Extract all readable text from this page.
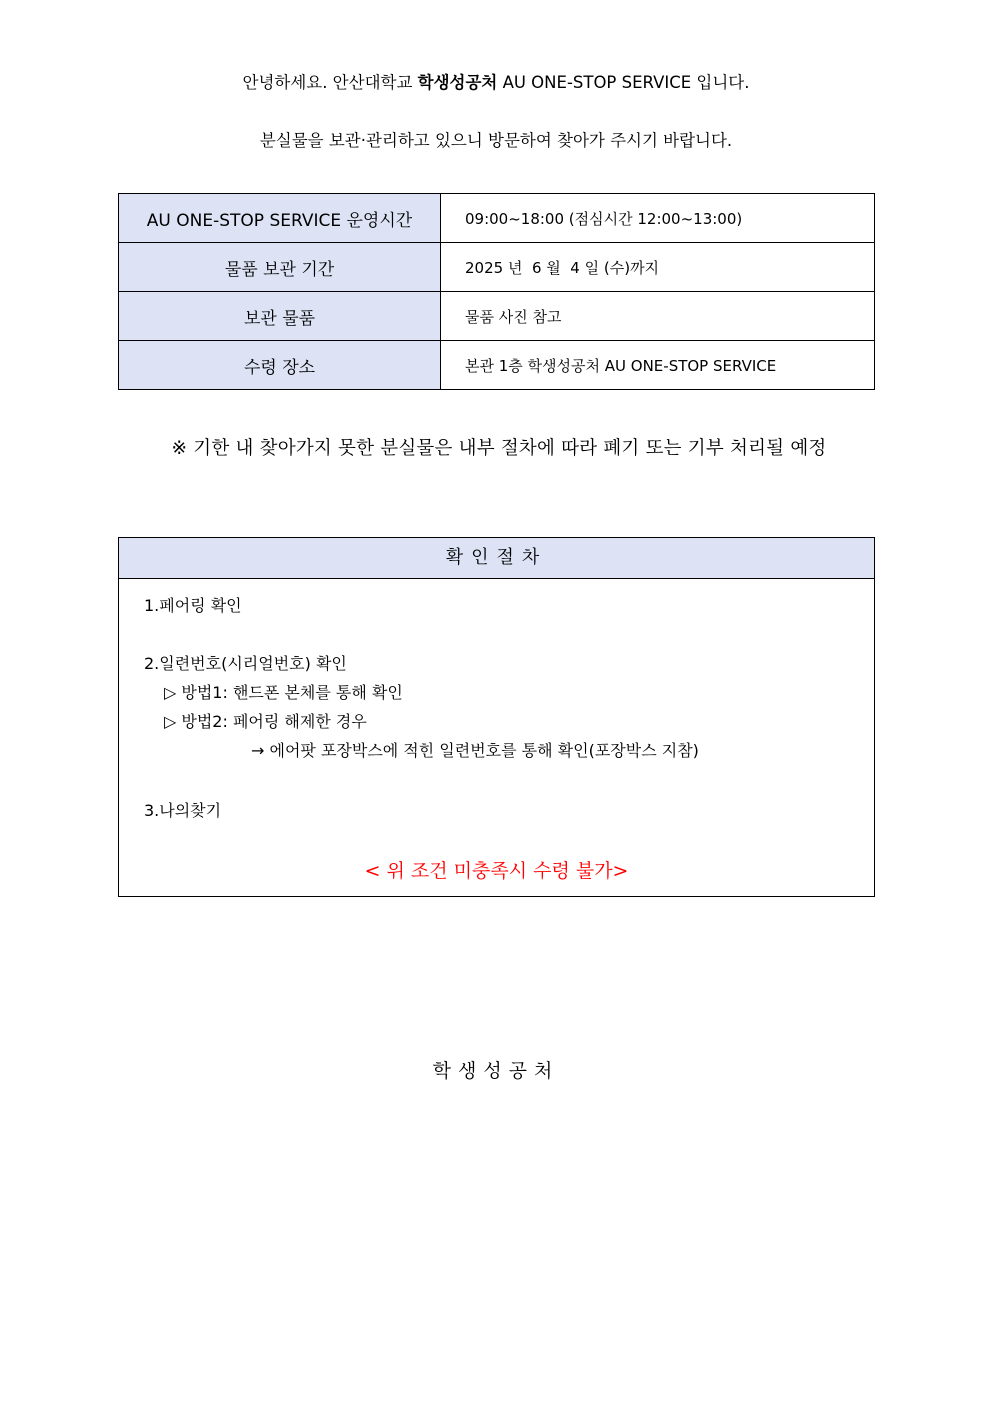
안녕하세요. 안산대학교 학생성공처 AU ONE-STOP SERVICE 입니다.
분실물을 보관·관리하고 있으니 방문하여 찾아가 주시기 바랍니다.
AU ONE-STOP SERVICE 운영시간	09:00~18:00 (점심시간 12:00~13:00)
물품 보관 기간	2025 년  6 월  4 일 (수)까지
보관 물품	물품 사진 참고
수령 장소	본관 1층 학생성공처 AU ONE-STOP SERVICE
※ 기한 내 찾아가지 못한 분실물은 내부 절차에 따라 폐기 또는 기부 처리될 예정
확인절차
1.페어링 확인
2.일련번호(시리얼번호) 확인
▷ 방법1: 핸드폰 본체를 통해 확인
▷ 방법2: 페어링 해제한 경우
→ 에어팟 포장박스에 적힌 일련번호를 통해 확인(포장박스 지참)
3.나의찾기
< 위 조건 미충족시 수령 불가>
학생성공처
